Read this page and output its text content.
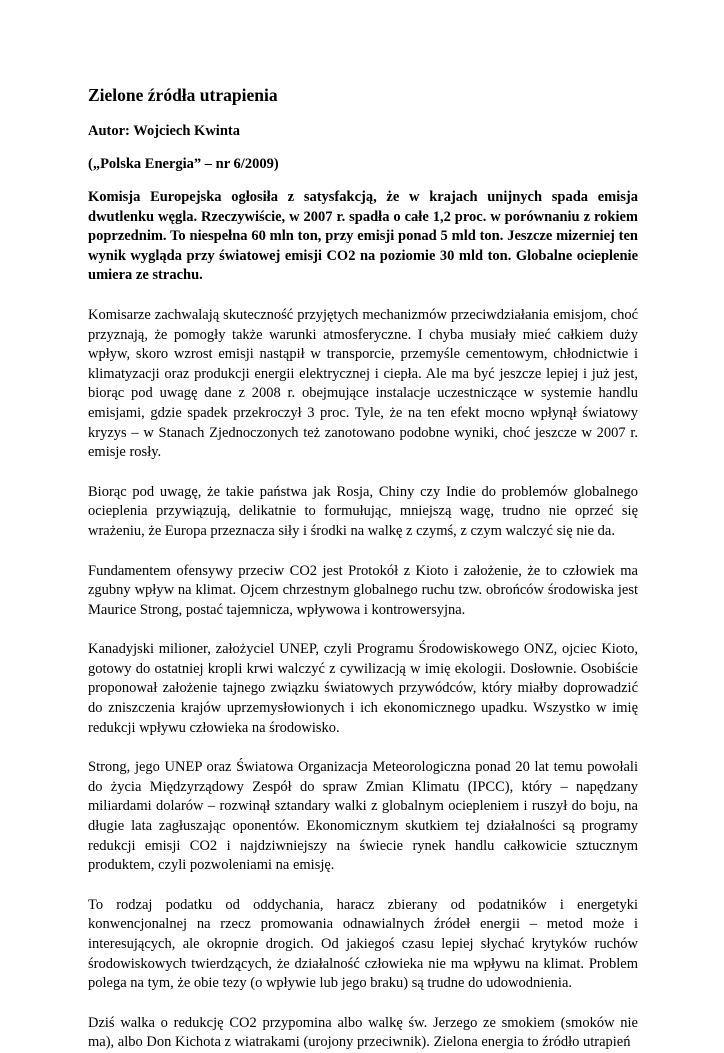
Zielone źródła utrapienia
Autor: Wojciech Kwinta
(„Polska Energia” – nr 6/2009)

Komisja Europejska ogłosiła z satysfakcją, że w krajach unijnych spada emisja dwutlenku węgla. Rzeczywiście, w 2007 r. spadła o całe 1,2 proc. w porównaniu z rokiem poprzednim. To niespełna 60 mln ton, przy emisji ponad 5 mld ton. Jeszcze mizerniej ten wynik wygląda przy światowej emisji CO2 na poziomie 30 mld ton. Globalne ocieplenie umiera ze strachu.

Komisarze zachwalają skuteczność przyjętych mechanizmów przeciwdziałania emisjom, choć przyznają, że pomogły także warunki atmosferyczne. I chyba musiały mieć całkiem duży wpływ, skoro wzrost emisji nastąpił w transporcie, przemyśle cementowym, chłodnictwie i klimatyzacji oraz produkcji energii elektrycznej i ciepła. Ale ma być jeszcze lepiej i już jest, biorąc pod uwagę dane z 2008 r. obejmujące instalacje uczestniczące w systemie handlu emisjami, gdzie spadek przekroczył 3 proc. Tyle, że na ten efekt mocno wpłynął światowy kryzys – w Stanach Zjednoczonych też zanotowano podobne wyniki, choć jeszcze w 2007 r. emisje rosły.

Biorąc pod uwagę, że takie państwa jak Rosja, Chiny czy Indie do problemów globalnego ocieplenia przywiązują, delikatnie to formułując, mniejszą wagę, trudno nie oprzeć się wrażeniu, że Europa przeznacza siły i środki na walkę z czymś, z czym walczyć się nie da.

Fundamentem ofensywy przeciw CO2 jest Protokół z Kioto i założenie, że to człowiek ma zgubny wpływ na klimat. Ojcem chrzestnym globalnego ruchu tzw. obrońców środowiska jest Maurice Strong, postać tajemnicza, wpływowa i kontrowersyjna.

Kanadyjski milioner, założyciel UNEP, czyli Programu Środowiskowego ONZ, ojciec Kioto, gotowy do ostatniej kropli krwi walczyć z cywilizacją w imię ekologii. Dosłownie. Osobiście proponował założenie tajnego związku światowych przywódców, który miałby doprowadzić do zniszczenia krajów uprzemysłowionych i ich ekonomicznego upadku. Wszystko w imię redukcji wpływu człowieka na środowisko.

Strong, jego UNEP oraz Światowa Organizacja Meteorologiczna ponad 20 lat temu powołali do życia Międzyrządowy Zespół do spraw Zmian Klimatu (IPCC), który – napędzany miliardami dolarów – rozwinął sztandary walki z globalnym ociepleniem i ruszył do boju, na długie lata zagłuszając oponentów. Ekonomicznym skutkiem tej działalności są programy redukcji emisji CO2 i najdziwniejszy na świecie rynek handlu całkowicie sztucznym produktem, czyli pozwoleniami na emisję.

To rodzaj podatku od oddychania, haracz zbierany od podatników i energetyki konwencjonalnej na rzecz promowania odnawialnych źródeł energii – metod może i interesujących, ale okropnie drogich. Od jakiegoś czasu lepiej słychać krytyków ruchów środowiskowych twierdzących, że działalność człowieka nie ma wpływu na klimat. Problem polega na tym, że obie tezy (o wpływie lub jego braku) są trudne do udowodnienia.

Dziś walka o redukcję CO2 przypomina albo walkę św. Jerzego ze smokiem (smoków nie ma), albo Don Kichota z wiatrakami (urojony przeciwnik). Zielona energia to źródło utrapień
